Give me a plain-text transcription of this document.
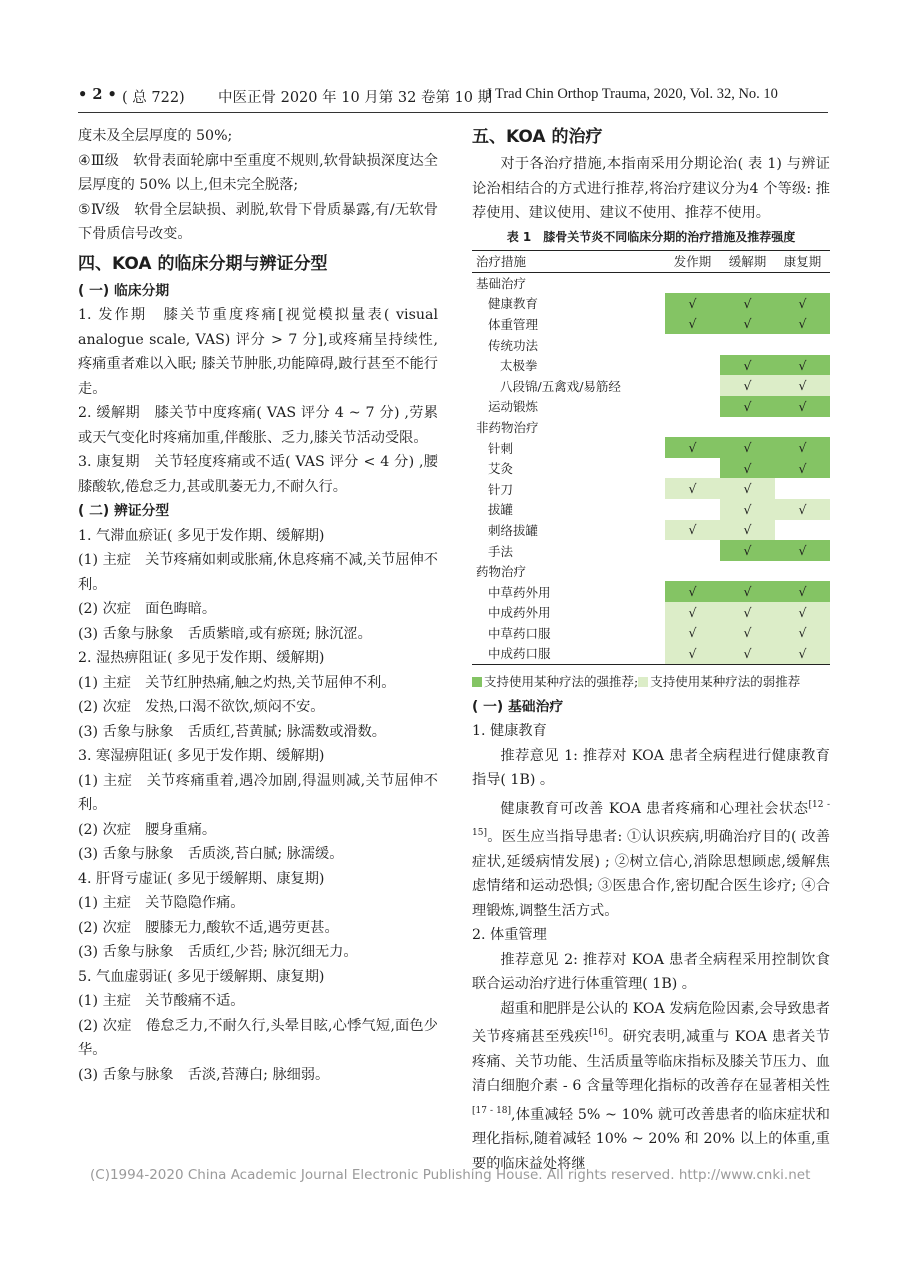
• 2 • ( 总 722) 中医正骨 2020 年 10 月第 32 卷第 10 期
J Trad Chin Orthop Trauma, 2020, Vol. 32, No. 10

度未及全层厚度的 50%;

④Ⅲ级　软骨表面轮廓中至重度不规则,软骨缺损深度达全层厚度的 50% 以上,但未完全脱落;

⑤Ⅳ级　软骨全层缺损、剥脱,软骨下骨质暴露,有/无软骨下骨质信号改变。

四、KOA 的临床分期与辨证分型
( 一) 临床分期

1. 发作期　膝关节重度疼痛[视觉模拟量表( visual analogue scale, VAS) 评分 > 7 分],或疼痛呈持续性,疼痛重者难以入眠; 膝关节肿胀,功能障碍,跛行甚至不能行走。

2. 缓解期　膝关节中度疼痛( VAS 评分 4 ~ 7 分) ,劳累或天气变化时疼痛加重,伴酸胀、乏力,膝关节活动受限。

3. 康复期　关节轻度疼痛或不适( VAS 评分 < 4 分) ,腰膝酸软,倦怠乏力,甚或肌萎无力,不耐久行。

( 二) 辨证分型

1. 气滞血瘀证( 多见于发作期、缓解期)

(1) 主症　关节疼痛如刺或胀痛,休息疼痛不减,关节屈伸不利。

(2) 次症　面色晦暗。

(3) 舌象与脉象　舌质紫暗,或有瘀斑; 脉沉涩。

2. 湿热痹阻证( 多见于发作期、缓解期)

(1) 主症　关节红肿热痛,触之灼热,关节屈伸不利。

(2) 次症　发热,口渴不欲饮,烦闷不安。

(3) 舌象与脉象　舌质红,苔黄腻; 脉濡数或滑数。

3. 寒湿痹阻证( 多见于发作期、缓解期)

(1) 主症　关节疼痛重着,遇冷加剧,得温则减,关节屈伸不利。

(2) 次症　腰身重痛。

(3) 舌象与脉象　舌质淡,苔白腻; 脉濡缓。

4. 肝肾亏虚证( 多见于缓解期、康复期)

(1) 主症　关节隐隐作痛。

(2) 次症　腰膝无力,酸软不适,遇劳更甚。

(3) 舌象与脉象　舌质红,少苔; 脉沉细无力。

5. 气血虚弱证( 多见于缓解期、康复期)

(1) 主症　关节酸痛不适。

(2) 次症　倦怠乏力,不耐久行,头晕目眩,心悸气短,面色少华。

(3) 舌象与脉象　舌淡,苔薄白; 脉细弱。

五、KOA 的治疗

对于各治疗措施,本指南采用分期论治( 表 1) 与辨证论治相结合的方式进行推荐,将治疗建议分为4 个等级: 推荐使用、建议使用、建议不使用、推荐不使用。

表 1　膝骨关节炎不同临床分期的治疗措施及推荐强度
治疗措施	发作期	缓解期	康复期
基础治疗			
健康教育	√	√	√
体重管理	√	√	√
传统功法			
太极拳		√	√
八段锦/五禽戏/易筋经		√	√
运动锻炼		√	√
非药物治疗			
针刺	√	√	√
艾灸		√	√
针刀	√	√	
拔罐		√	√
刺络拔罐	√	√	
手法		√	√
药物治疗			
中草药外用	√	√	√
中成药外用	√	√	√
中草药口服	√	√	√
中成药口服	√	√	√
支持使用某种疗法的强推荐; 支持使用某种疗法的弱推荐
( 一) 基础治疗

1. 健康教育

推荐意见 1: 推荐对 KOA 患者全病程进行健康教育指导( 1B) 。

健康教育可改善 KOA 患者疼痛和心理社会状态[12 - 15]。医生应当指导患者: ①认识疾病,明确治疗目的( 改善症状,延缓病情发展) ; ②树立信心,消除思想顾虑,缓解焦虑情绪和运动恐惧; ③医患合作,密切配合医生诊疗; ④合理锻炼,调整生活方式。

2. 体重管理

推荐意见 2: 推荐对 KOA 患者全病程采用控制饮食联合运动治疗进行体重管理( 1B) 。

超重和肥胖是公认的 KOA 发病危险因素,会导致患者关节疼痛甚至残疾[16]。研究表明,减重与 KOA 患者关节疼痛、关节功能、生活质量等临床指标及膝关节压力、血清白细胞介素 - 6 含量等理化指标的改善存在显著相关性[17 - 18],体重减轻 5% ~ 10% 就可改善患者的临床症状和理化指标,随着减轻 10% ~ 20% 和 20% 以上的体重,重要的临床益处将继

(C)1994-2020 China Academic Journal Electronic Publishing House. All rights reserved. http://www.cnki.net
